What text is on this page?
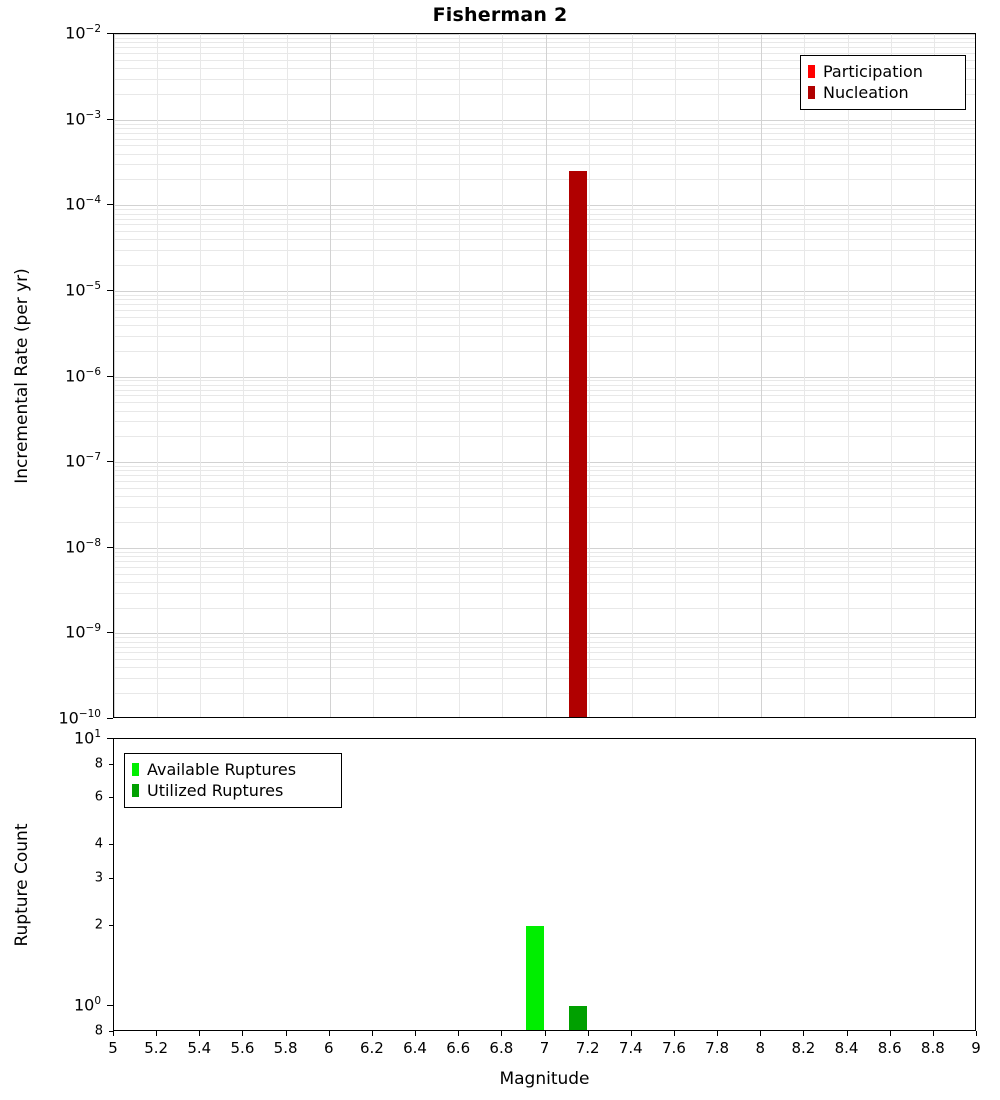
Fisherman 2
$10^{-2}$
$10^{-3}$
$10^{-4}$
$10^{-5}$
$10^{-6}$
$10^{-7}$
$10^{-8}$
$10^{-9}$
$10^{-10}$
Incremental Rate (per yr)
Participation
Nucleation
$10^1$
8
6
4
3
2
$10^0$
8
5 5.2 5.4 5.6 5.8 6 6.2 6.4 6.6 6.8 7 7.2 7.4 7.6 7.8 8 8.2 8.4 8.6 8.8 9
Rupture Count
Magnitude
Available Ruptures
Utilized Ruptures
